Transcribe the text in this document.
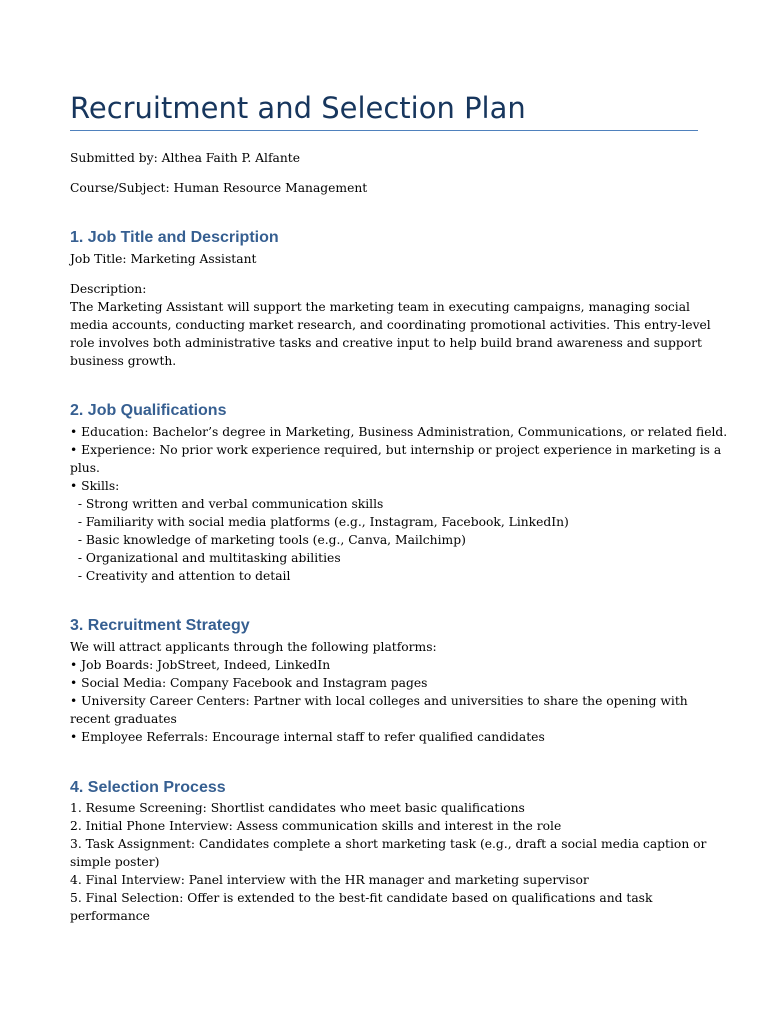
Recruitment and Selection Plan

Submitted by: Althea Faith P. Alfante

Course/Subject: Human Resource Management

1. Job Title and Description

Job Title: Marketing Assistant

Description:

The Marketing Assistant will support the marketing team in executing campaigns, managing social

media accounts, conducting market research, and coordinating promotional activities. This entry-level

role involves both administrative tasks and creative input to help build brand awareness and support

business growth.

2. Job Qualifications

• Education: Bachelor’s degree in Marketing, Business Administration, Communications, or related field.

• Experience: No prior work experience required, but internship or project experience in marketing is a

plus.

• Skills:

- Strong written and verbal communication skills

- Familiarity with social media platforms (e.g., Instagram, Facebook, LinkedIn)

- Basic knowledge of marketing tools (e.g., Canva, Mailchimp)

- Organizational and multitasking abilities

- Creativity and attention to detail

3. Recruitment Strategy

We will attract applicants through the following platforms:

• Job Boards: JobStreet, Indeed, LinkedIn

• Social Media: Company Facebook and Instagram pages

• University Career Centers: Partner with local colleges and universities to share the opening with

recent graduates

• Employee Referrals: Encourage internal staff to refer qualified candidates

4. Selection Process

1. Resume Screening: Shortlist candidates who meet basic qualifications

2. Initial Phone Interview: Assess communication skills and interest in the role

3. Task Assignment: Candidates complete a short marketing task (e.g., draft a social media caption or

simple poster)

4. Final Interview: Panel interview with the HR manager and marketing supervisor

5. Final Selection: Offer is extended to the best-fit candidate based on qualifications and task

performance
